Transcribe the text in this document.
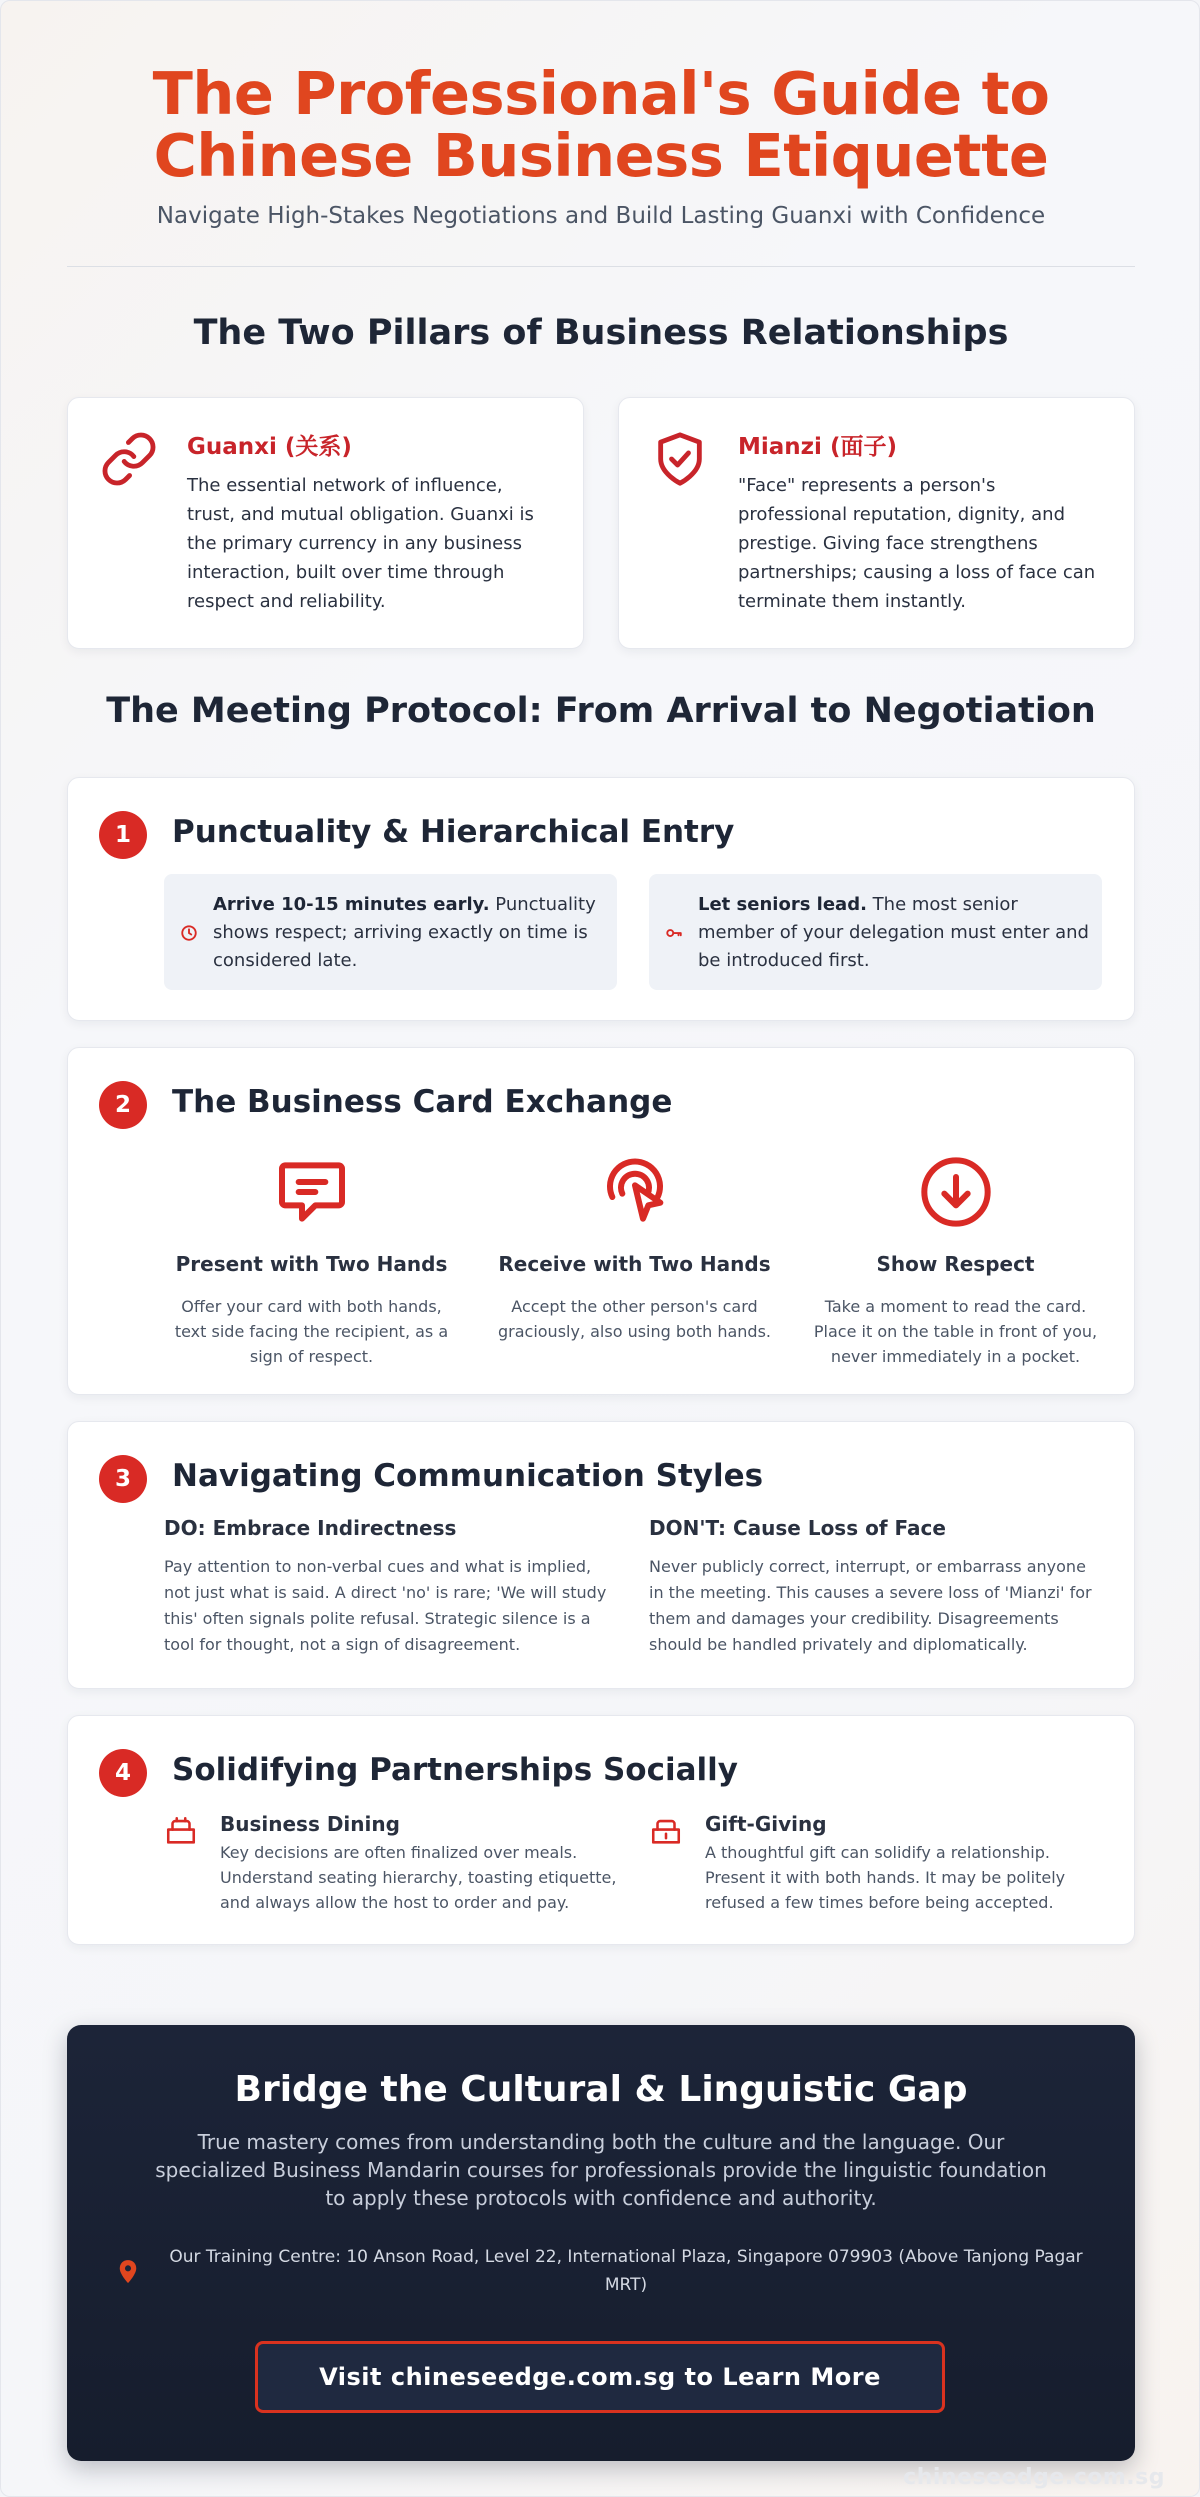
The Professional's Guide to
Chinese Business Etiquette
Navigate High-Stakes Negotiations and Build Lasting Guanxi with Confidence
The Two Pillars of Business Relationships
Guanxi (关系)
The essential network of influence, trust, and mutual obligation. Guanxi is the primary currency in any business interaction, built over time through respect and reliability.
Mianzi (面子)
"Face" represents a person's professional reputation, dignity, and prestige. Giving face strengthens partnerships; causing a loss of face can terminate them instantly.
The Meeting Protocol: From Arrival to Negotiation
1	Punctuality & Hierarchical Entry
Arrive 10-15 minutes early. Punctuality shows respect; arriving exactly on time is considered late.
Let seniors lead. The most senior member of your delegation must enter and be introduced first.
2	The Business Card Exchange
Present with Two Hands
Offer your card with both hands, text side facing the recipient, as a sign of respect.
Receive with Two Hands
Accept the other person's card graciously, also using both hands.
Show Respect
Take a moment to read the card. Place it on the table in front of you, never immediately in a pocket.
3	Navigating Communication Styles
DO: Embrace Indirectness
Pay attention to non-verbal cues and what is implied, not just what is said. A direct 'no' is rare; 'We will study this' often signals polite refusal. Strategic silence is a tool for thought, not a sign of disagreement.
DON'T: Cause Loss of Face
Never publicly correct, interrupt, or embarrass anyone in the meeting. This causes a severe loss of 'Mianzi' for them and damages your credibility. Disagreements should be handled privately and diplomatically.
4	Solidifying Partnerships Socially
Business Dining
Key decisions are often finalized over meals. Understand seating hierarchy, toasting etiquette, and always allow the host to order and pay.
Gift-Giving
A thoughtful gift can solidify a relationship. Present it with both hands. It may be politely refused a few times before being accepted.
Bridge the Cultural & Linguistic Gap
True mastery comes from understanding both the culture and the language. Our specialized Business Mandarin courses for professionals provide the linguistic foundation to apply these protocols with confidence and authority.
Our Training Centre: 10 Anson Road, Level 22, International Plaza, Singapore 079903 (Above Tanjong Pagar MRT)
Visit chineseedge.com.sg to Learn More
chineseedge.com.sg
